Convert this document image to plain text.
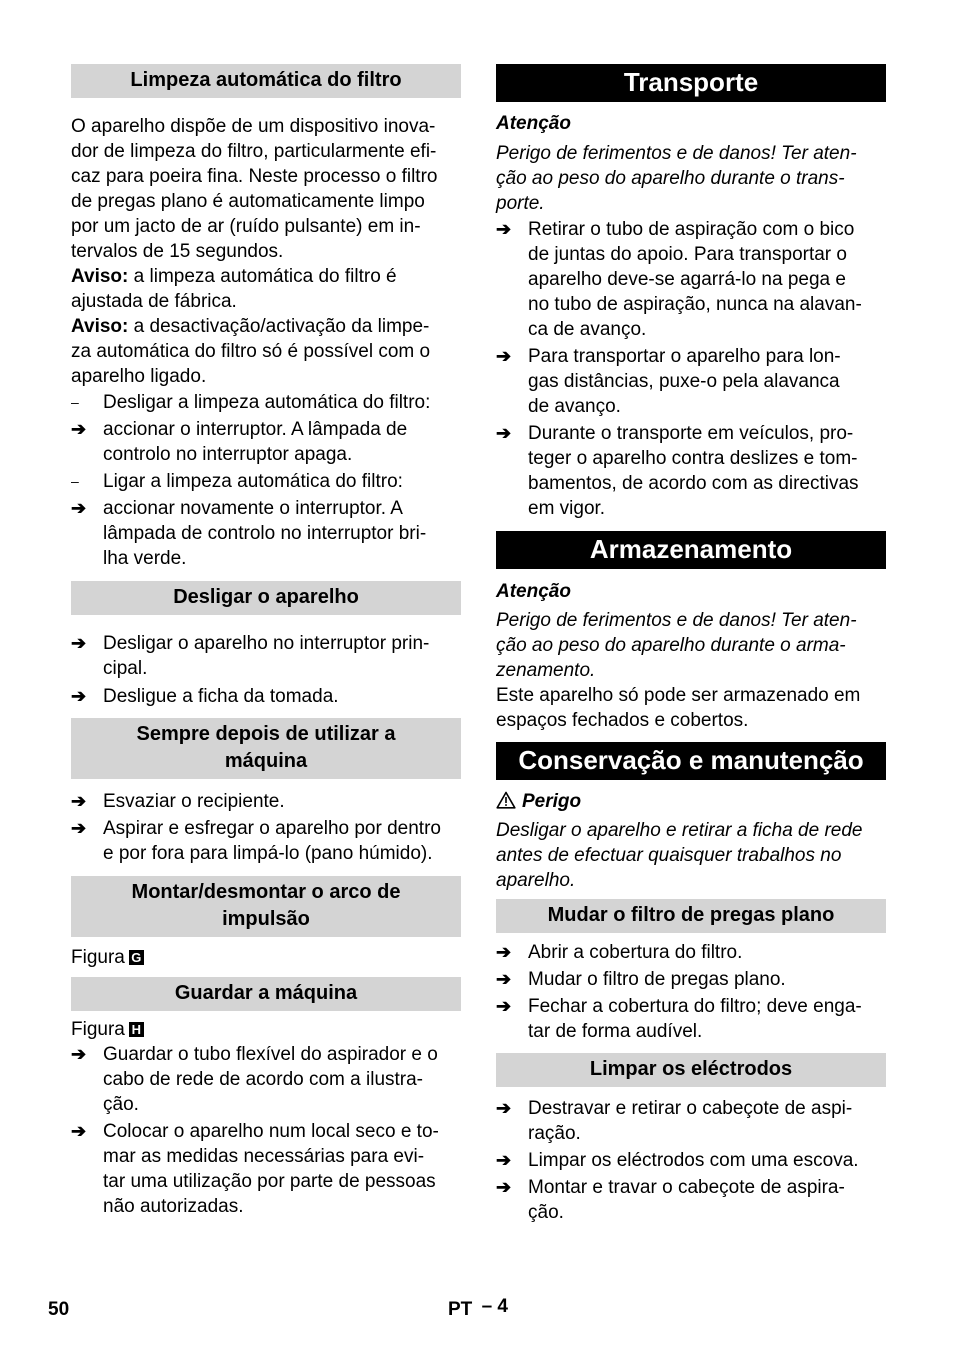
Limpeza automática do filtro
O aparelho dispõe de um dispositivo inova-
dor de limpeza do filtro, particularmente efi-
caz para poeira fina. Neste processo o filtro
de pregas plano é automaticamente limpo
por um jacto de ar (ruído pulsante) em in-
tervalos de 15 segundos.
Aviso: a limpeza automática do filtro é
ajustada de fábrica.
Aviso: a desactivação/activação da limpe-
za automática do filtro só é possível com o
aparelho ligado.
–	Desligar a limpeza automática do filtro:
➔ accionar o interruptor. A lâmpada de
controlo no interruptor apaga.
–	Ligar a limpeza automática do filtro:
➔ accionar novamente o interruptor. A
lâmpada de controlo no interruptor bri-
lha verde.
Desligar o aparelho
➔ Desligar o aparelho no interruptor prin-
cipal.
➔ Desligue a ficha da tomada.
Sempre depois de utilizar a
máquina
➔ Esvaziar o recipiente.
➔ Aspirar e esfregar o aparelho por dentro
e por fora para limpá-lo (pano húmido).
Montar/desmontar o arco de
impulsão
Figura G
Guardar a máquina
Figura H
➔ Guardar o tubo flexível do aspirador e o
cabo de rede de acordo com a ilustra-
ção.
➔ Colocar o aparelho num local seco e to-
mar as medidas necessárias para evi-
tar uma utilização por parte de pessoas
não autorizadas.
Transporte
Atenção
Perigo de ferimentos e de danos! Ter aten-
ção ao peso do aparelho durante o trans-
porte.
➔ Retirar o tubo de aspiração com o bico
de juntas do apoio. Para transportar o
aparelho deve-se agarrá-lo na pega e
no tubo de aspiração, nunca na alavan-
ca de avanço.
➔ Para transportar o aparelho para lon-
gas distâncias, puxe-o pela alavanca
de avanço.
➔ Durante o transporte em veículos, pro-
teger o aparelho contra deslizes e tom-
bamentos, de acordo com as directivas
em vigor.
Armazenamento
Atenção
Perigo de ferimentos e de danos! Ter aten-
ção ao peso do aparelho durante o arma-
zenamento.
Este aparelho só pode ser armazenado em
espaços fechados e cobertos.
Conservação e manutenção
Perigo
Desligar o aparelho e retirar a ficha de rede
antes de efectuar quaisquer trabalhos no
aparelho.
Mudar o filtro de pregas plano
➔ Abrir a cobertura do filtro.
➔ Mudar o filtro de pregas plano.
➔ Fechar a cobertura do filtro; deve enga-
tar de forma audível.
Limpar os eléctrodos
➔ Destravar e retirar o cabeçote de aspi-
ração.
➔ Limpar os eléctrodos com uma escova.
➔ Montar e travar o cabeçote de aspira-
ção.
50	PT – 4
